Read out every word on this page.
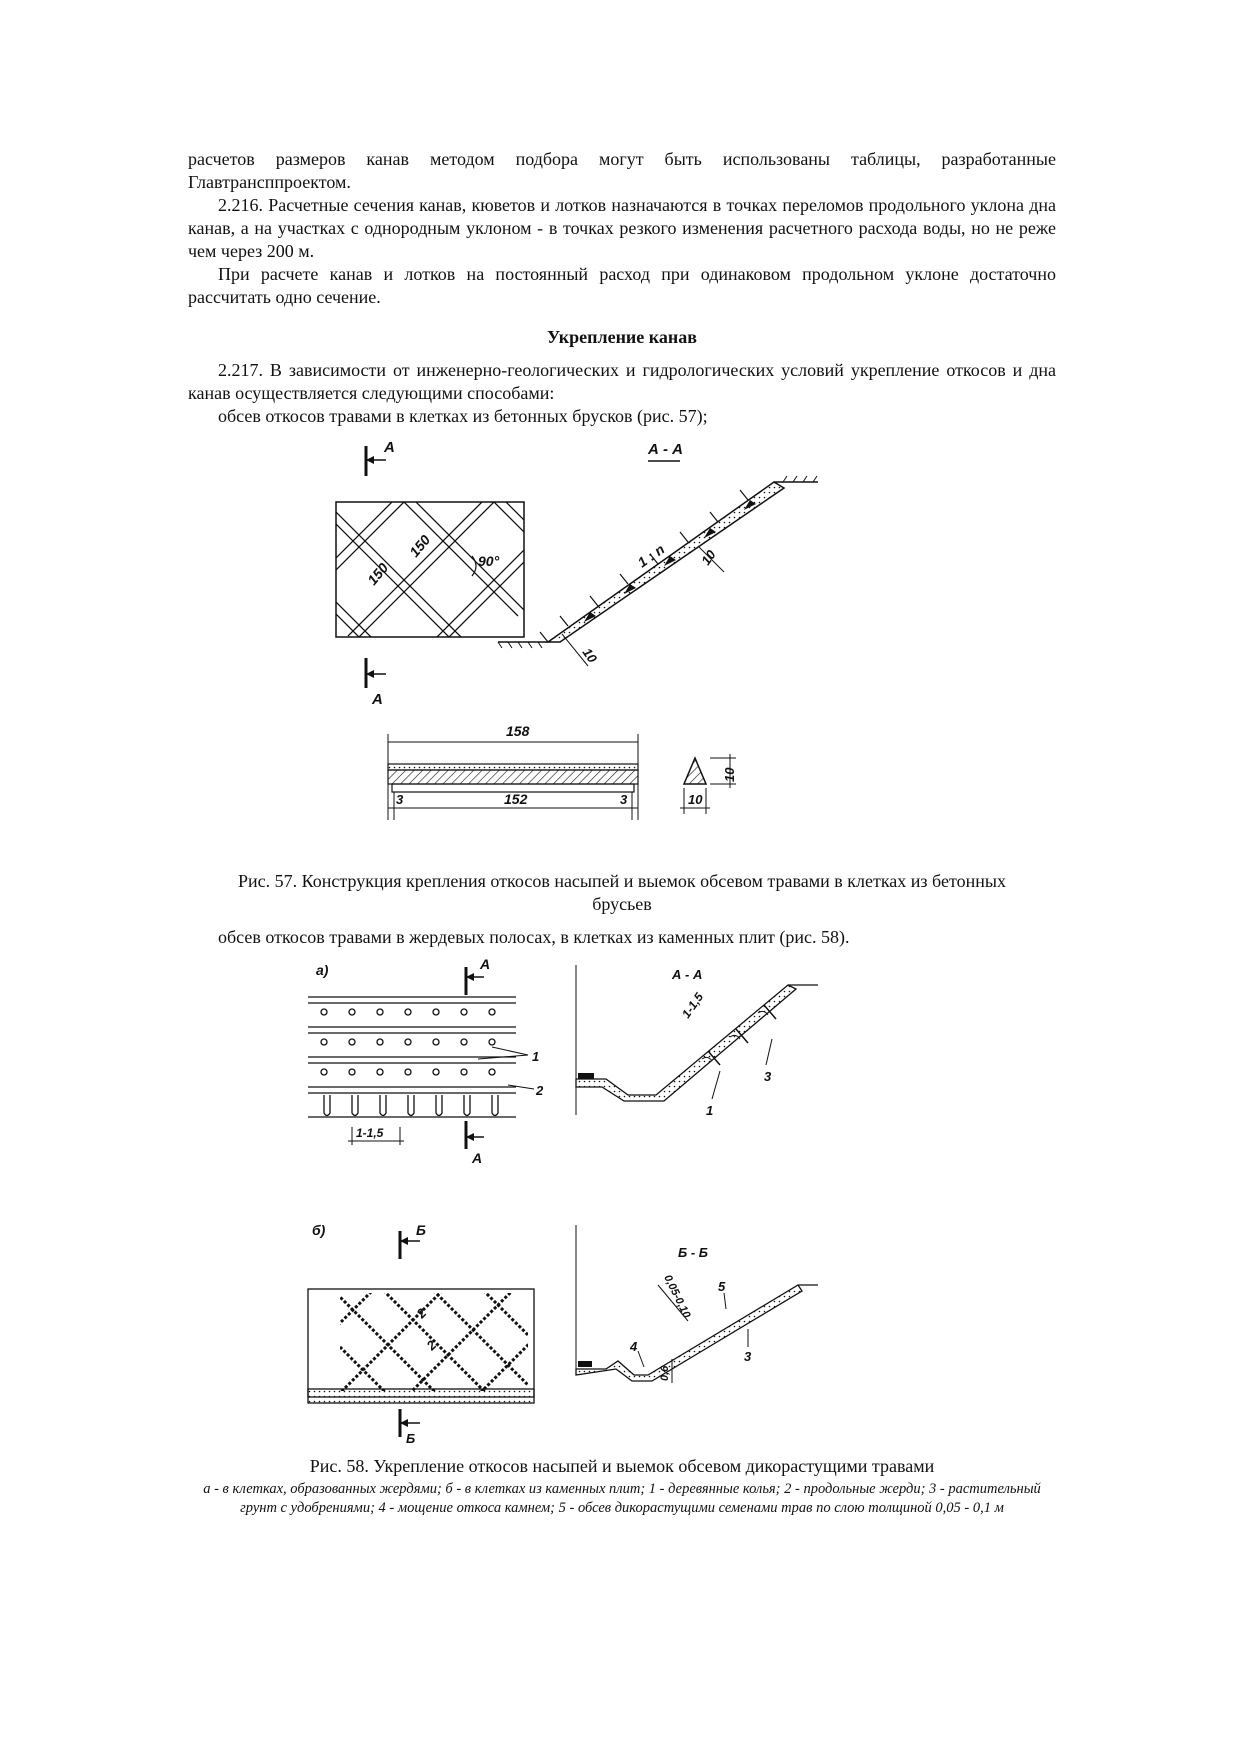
расчетов размеров канав методом подбора могут быть использованы таблицы, разработанные Главтрансппроектом.

2.216. Расчетные сечения канав, кюветов и лотков назначаются в точках переломов продольного уклона дна канав, а на участках с однородным уклоном - в точках резкого изменения расчетного расхода воды, но не реже чем через 200 м.

При расчете канав и лотков на постоянный расход при одинаковом продольном уклоне достаточно рассчитать одно сечение.

Укрепление канав

2.217. В зависимости от инженерно-геологических и гидрологических условий укрепление откосов и дна канав осуществляется следующими способами:

обсев откосов травами в клетках из бетонных брусков (рис. 57);

А
150
150
90°
А
А - А
1 : n 10
10
158
3	152	3	10
10
Рис. 57. Конструкция крепления откосов насыпей и выемок обсевом травами в клетках из бетонных брусьев

обсев откосов травами в жердевых полосах, в клетках из каменных плит (рис. 58).

а)	А
1
2
1-1,5
А
А - А
1-1,5
1
3
б)	Б
2
2
Б
Б - Б
0,05-0,10 5
4
3
0,6
Рис. 58. Укрепление откосов насыпей и выемок обсевом дикорастущими травами
а - в клетках, образованных жердями; б - в клетках из каменных плит; 1 - деревянные колья; 2 - продольные жерди; 3 - растительный грунт с удобрениями; 4 - мощение откоса камнем; 5 - обсев дикорастущими семенами трав по слою толщиной 0,05 - 0,1 м
